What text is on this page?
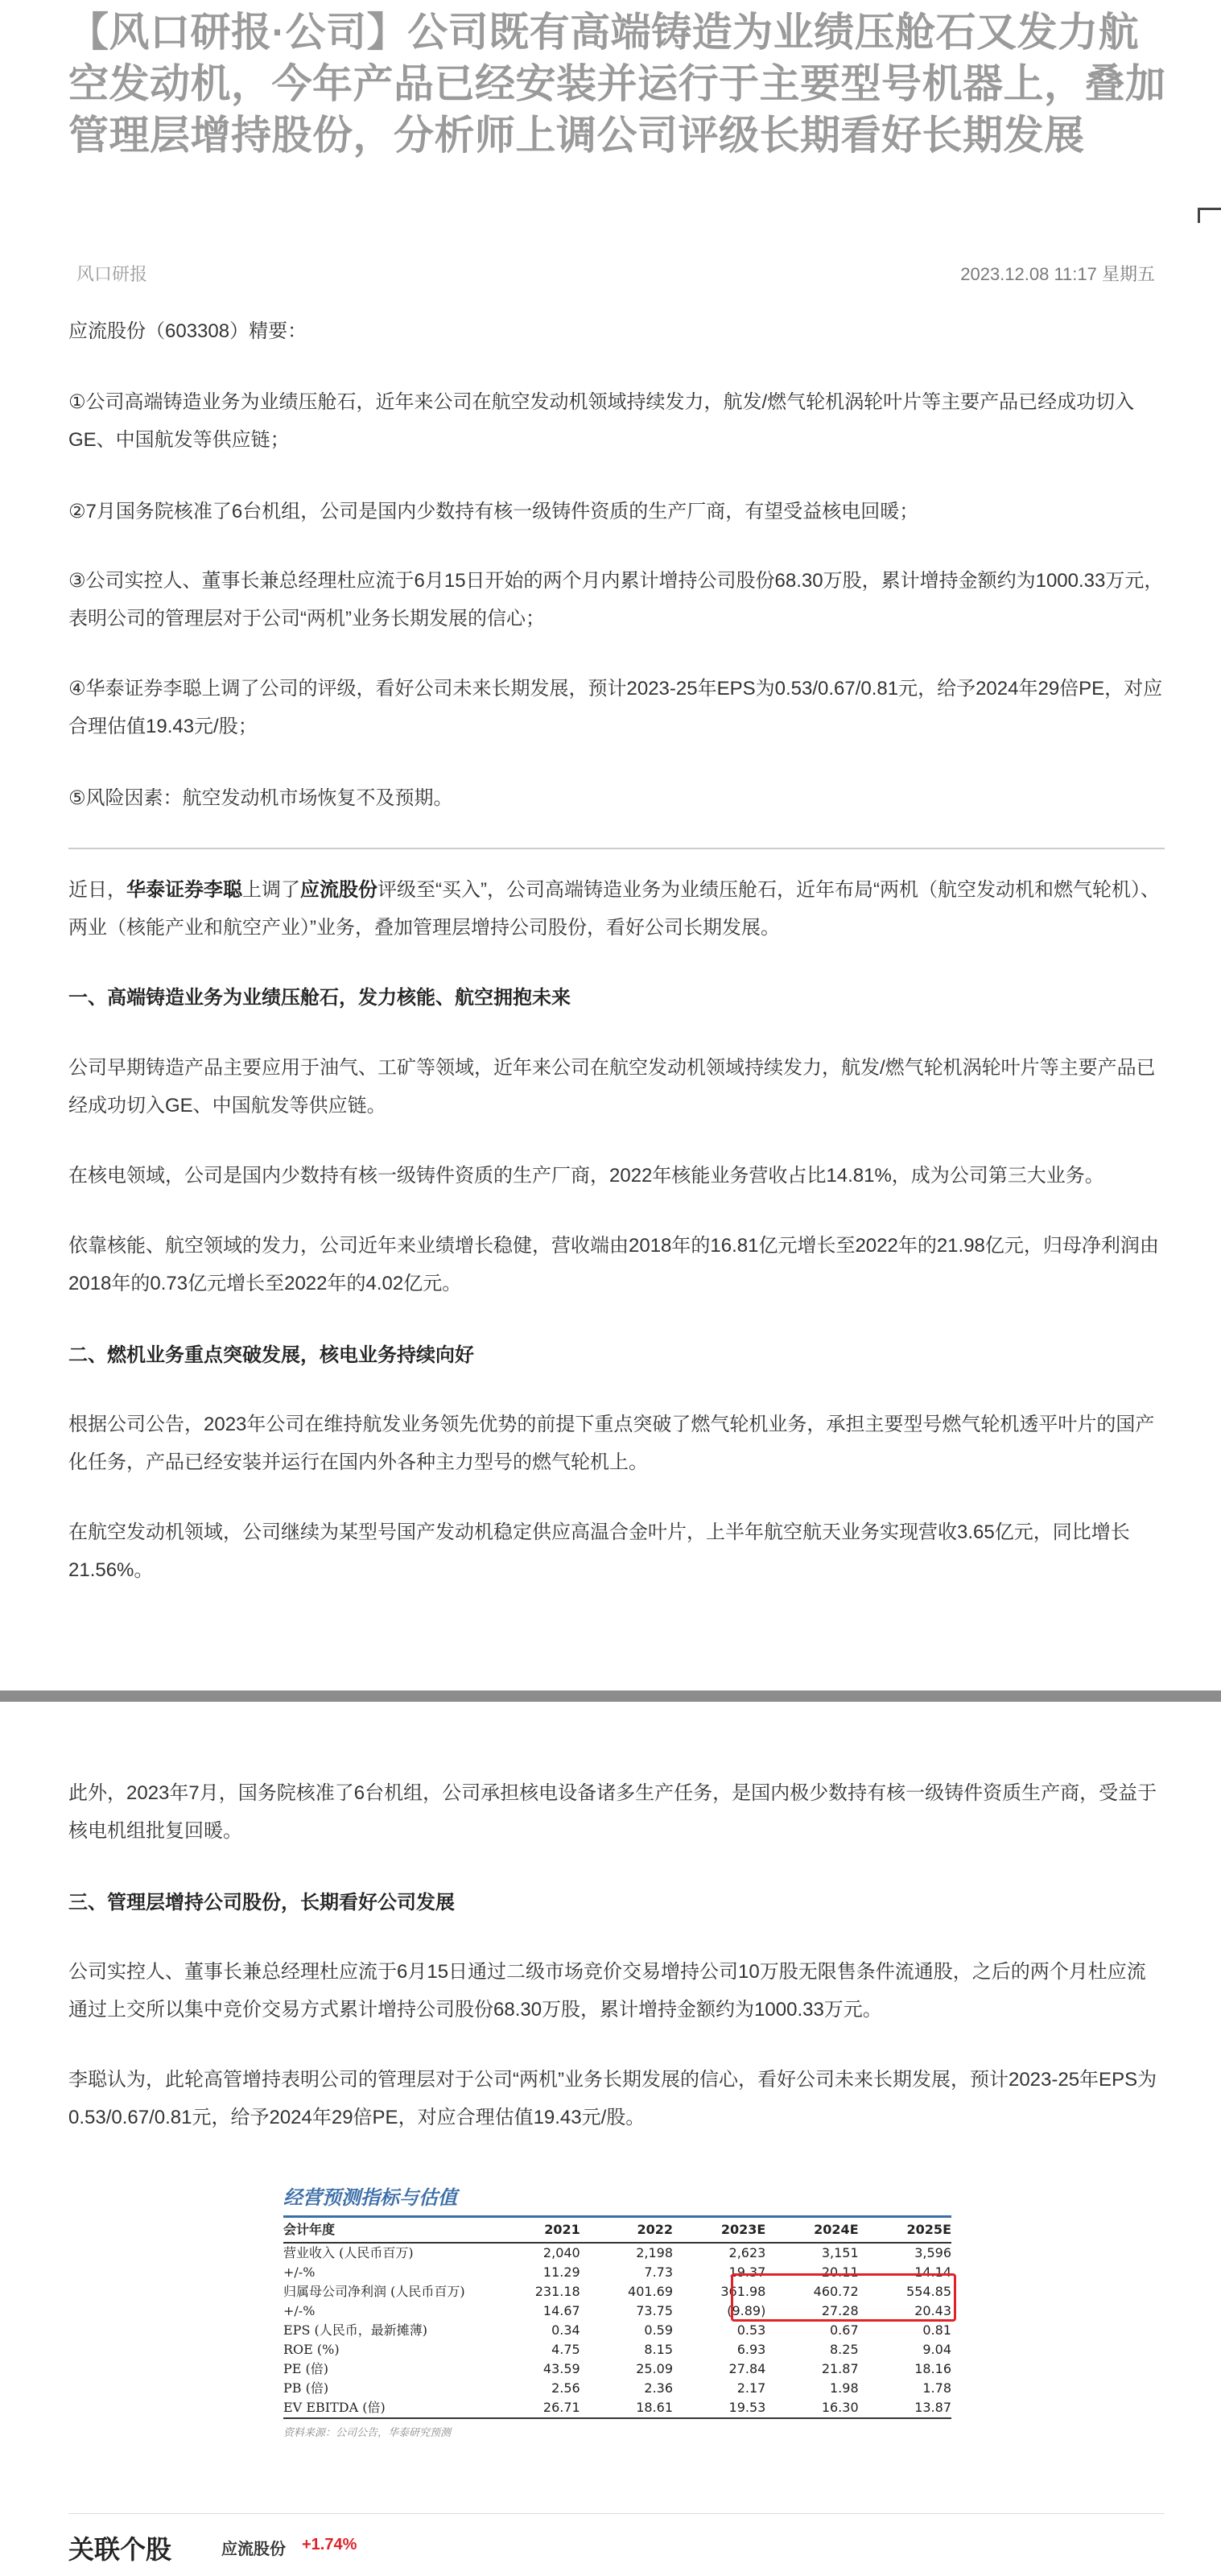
【风口研报·公司】公司既有高端铸造为业绩压舱石又发力航空发动机，今年产品已经安装并运行于主要型号机器上，叠加管理层增持股份，分析师上调公司评级长期看好长期发展
风口研报	2023.12.08 11:17 星期五

应流股份（603308）精要：

①公司高端铸造业务为业绩压舱石，近年来公司在航空发动机领域持续发力，航发/燃气轮机涡轮叶片等主要产品已经成功切入GE、中国航发等供应链；

②7月国务院核准了6台机组，公司是国内少数持有核一级铸件资质的生产厂商，有望受益核电回暖；

③公司实控人、董事长兼总经理杜应流于6月15日开始的两个月内累计增持公司股份68.30万股，累计增持金额约为1000.33万元，表明公司的管理层对于公司“两机”业务长期发展的信心；

④华泰证券李聪上调了公司的评级，看好公司未来长期发展，预计2023-25年EPS为0.53/0.67/0.81元，给予2024年29倍PE，对应合理估值19.43元/股；

⑤风险因素：航空发动机市场恢复不及预期。

近日，华泰证券李聪上调了应流股份评级至“买入”，公司高端铸造业务为业绩压舱石，近年布局“两机（航空发动机和燃气轮机）、两业（核能产业和航空产业）”业务，叠加管理层增持公司股份，看好公司长期发展。

一、高端铸造业务为业绩压舱石，发力核能、航空拥抱未来

公司早期铸造产品主要应用于油气、工矿等领域，近年来公司在航空发动机领域持续发力，航发/燃气轮机涡轮叶片等主要产品已经成功切入GE、中国航发等供应链。

在核电领域，公司是国内少数持有核一级铸件资质的生产厂商，2022年核能业务营收占比14.81%，成为公司第三大业务。

依靠核能、航空领域的发力，公司近年来业绩增长稳健，营收端由2018年的16.81亿元增长至2022年的21.98亿元，归母净利润由2018年的0.73亿元增长至2022年的4.02亿元。

二、燃机业务重点突破发展，核电业务持续向好

根据公司公告，2023年公司在维持航发业务领先优势的前提下重点突破了燃气轮机业务，承担主要型号燃气轮机透平叶片的国产化任务，产品已经安装并运行在国内外各种主力型号的燃气轮机上。

在航空发动机领域，公司继续为某型号国产发动机稳定供应高温合金叶片，上半年航空航天业务实现营收3.65亿元，同比增长21.56%。

此外，2023年7月，国务院核准了6台机组，公司承担核电设备诸多生产任务，是国内极少数持有核一级铸件资质生产商，受益于核电机组批复回暖。

三、管理层增持公司股份，长期看好公司发展

公司实控人、董事长兼总经理杜应流于6月15日通过二级市场竞价交易增持公司10万股无限售条件流通股，之后的两个月杜应流通过上交所以集中竞价交易方式累计增持公司股份68.30万股，累计增持金额约为1000.33万元。

李聪认为，此轮高管增持表明公司的管理层对于公司“两机”业务长期发展的信心，看好公司未来长期发展，预计2023-25年EPS为0.53/0.67/0.81元，给予2024年29倍PE，对应合理估值19.43元/股。

经营预测指标与估值
会计年度	2021	2022	2023E	2024E	2025E
营业收入 (人民币百万)	2,040	2,198	2,623	3,151	3,596
+/-%	11.29	7.73	19.37	20.11	14.14
归属母公司净利润 (人民币百万)	231.18	401.69	361.98	460.72	554.85
+/-%	14.67	73.75	(9.89)	27.28	20.43
EPS (人民币，最新摊薄)	0.34	0.59	0.53	0.67	0.81
ROE (%)	4.75	8.15	6.93	8.25	9.04
PE (倍)	43.59	25.09	27.84	21.87	18.16
PB (倍)	2.56	2.36	2.17	1.98	1.78
EV EBITDA (倍)	26.71	18.61	19.53	16.30	13.87
资料来源：公司公告，华泰研究预测
关联个股	应流股份 +1.74%
